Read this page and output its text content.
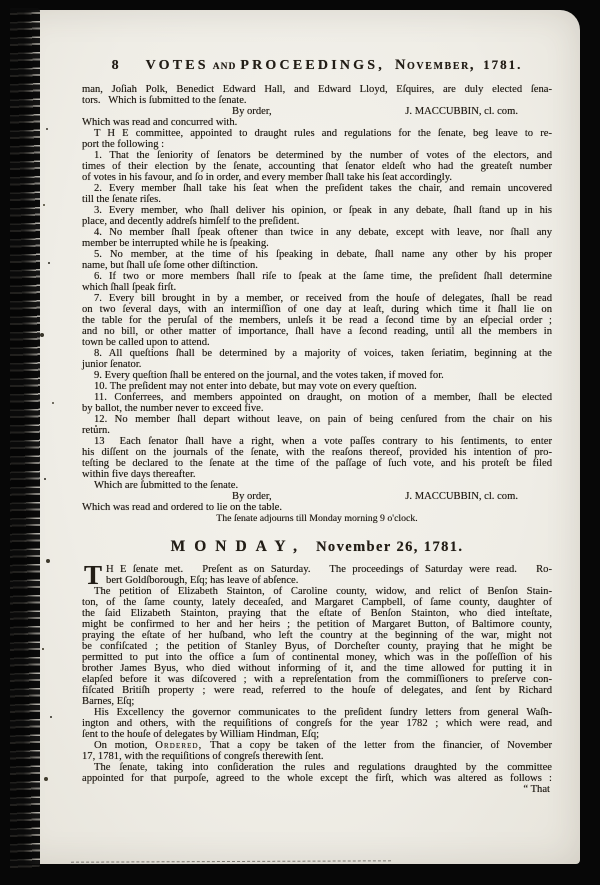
8 VOTES AND PROCEEDINGS, November, 1781.
man, Joſiah Polk, Benedict Edward Hall, and Edward Lloyd, Eſquires, are duly elected ſena-
tors.   Which is ſubmitted to the ſenate.
By order,	J. MACCUBBIN, cl. com.
Which was read and concurred with.
T H E committee, appointed to draught rules and regulations for the ſenate, beg leave to re-
port the following :
1. That the ſeniority of ſenators be determined by the number of votes of the electors, and
times of their election by the ſenate, accounting that ſenator eldeſt who had the greateſt number
of votes in his favour, and ſo in order, and every member ſhall take his ſeat accordingly.
2. Every member ſhall take his ſeat when the preſident takes the chair, and remain uncovered
till the ſenate riſes.
3. Every member, who ſhall deliver his opinion, or ſpeak in any debate, ſhall ſtand up in his
place, and decently addreſs himſelf to the preſident.
4. No member ſhall ſpeak oftener than twice in any debate, except with leave, nor ſhall any
member be interrupted while he is ſpeaking.
5. No member, at the time of his ſpeaking in debate, ſhall name any other by his proper
name, but ſhall uſe ſome other diſtinction.
6. If two or more members ſhall riſe to ſpeak at the ſame time, the preſident ſhall determine
which ſhall ſpeak firſt.
7. Every bill brought in by a member, or received from the houſe of delegates, ſhall be read
on two ſeveral days, with an intermiſſion of one day at leaſt, during which time it ſhall lie on
the table for the peruſal of the members, unleſs it be read a ſecond time by an eſpecial order ;
and no bill, or other matter of importance, ſhall have a ſecond reading, until all the members in
town be called upon to attend.
8. All queſtions ſhall be determined by a majority of voices, taken ſeriatim, beginning at the
junior ſenator.
9. Every queſtion ſhall be entered on the journal, and the votes taken, if moved for.
10. The preſident may not enter into debate, but may vote on every queſtion.
11. Conferrees, and members appointed on draught, on motion of a member, ſhall be elected
by ballot, the number never to exceed five.
12. No member ſhall depart without leave, on pain of being cenſured from the chair on his
return.
13  Each ſenator ſhall have a right, when a vote paſſes contrary to his ſentiments, to enter
his diſſent on the journals of the ſenate, with the reaſons thereof, provided his intention of pro-
teſting be declared to the ſenate at the time of the paſſage of ſuch vote, and his proteſt be filed
within five days thereafter.
Which are ſubmitted to the ſenate.
By order,	J. MACCUBBIN, cl. com.
Which was read and ordered to lie on the table.
The ſenate adjourns till Monday morning 9 o'clock.
MONDAY, November 26, 1781.
T H E ſenate met.   Preſent as on Saturday.   The proceedings of Saturday were read.   Ro-
bert Goldſborough, Eſq; has leave of abſence.
The petition of Elizabeth Stainton, of Caroline county, widow, and relict of Benſon Stain-
ton, of the ſame county, lately deceaſed, and Margaret Campbell, of ſame county, daughter of
the ſaid Elizabeth Stainton, praying that the eſtate of Benſon Stainton, who died inteſtate,
might be confirmed to her and her heirs ; the petition of Margaret Button, of Baltimore county,
praying the eſtate of her huſband, who left the country at the beginning of the war, might not
be confiſcated ; the petition of Stanley Byus, of Dorcheſter county, praying that he might be
permitted to put into the office a ſum of continental money, which was in the poſſeſſion of his
brother James Byus, who died without informing of it, and the time allowed for putting it in
elapſed before it was diſcovered ; with a repreſentation from the commiſſioners to preſerve con-
fiſcated Britiſh property ; were read, referred to the houſe of delegates, and ſent by Richard
Barnes, Eſq;
His Excellency the governor communicates to the preſident ſundry letters from general Waſh-
ington and others, with the requiſitions of congreſs for the year 1782 ; which were read, and
ſent to the houſe of delegates by William Hindman, Eſq;
On motion, Ordered, That a copy be taken of the letter from the financier, of November
17, 1781, with the requiſitions of congreſs therewith ſent.
The ſenate, taking into conſideration the rules and regulations draughted by the committee
appointed for that purpoſe, agreed to the whole except the firſt, which was altered as follows :
“ That
